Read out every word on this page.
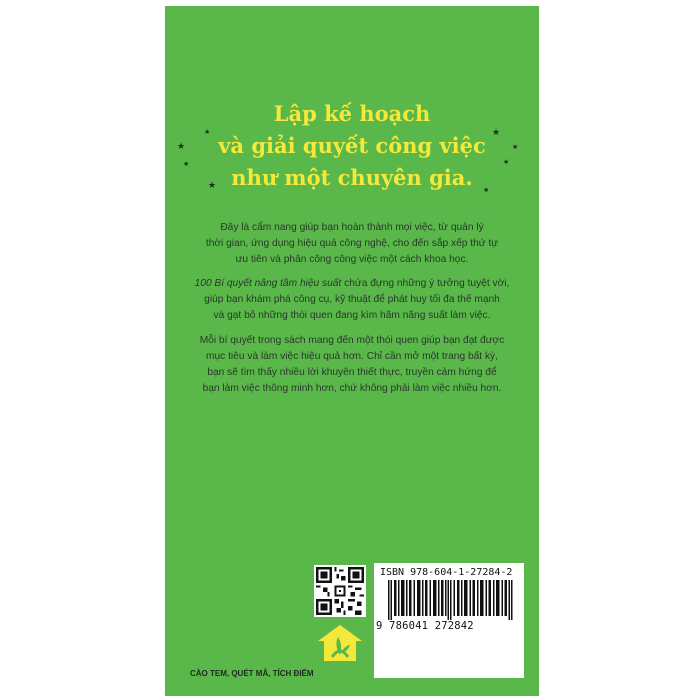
Lập kế hoạch
và giải quyết công việc
như một chuyên gia.
★
★
★
★
★
★
★
★
Đây là cẩm nang giúp bạn hoàn thành mọi việc, từ quản lý
thời gian, ứng dụng hiệu quả công nghệ, cho đến sắp xếp thứ tự
ưu tiên và phân công công việc một cách khoa học.
100 Bí quyết nâng tầm hiệu suất chứa đựng những ý tưởng tuyệt vời,
giúp bạn khám phá công cụ, kỹ thuật để phát huy tối đa thế mạnh
và gạt bỏ những thói quen đang kìm hãm năng suất làm việc.
Mỗi bí quyết trong sách mang đến một thói quen giúp bạn đạt được
mục tiêu và làm việc hiệu quả hơn. Chỉ cần mở một trang bất kỳ,
bạn sẽ tìm thấy nhiều lời khuyên thiết thực, truyền cảm hứng để
bạn làm việc thông minh hơn, chứ không phải làm việc nhiều hơn.
ISBN 978-604-1-27284-2
9 786041 272842
CÀO TEM, QUÉT MÃ, TÍCH ĐIỂM
